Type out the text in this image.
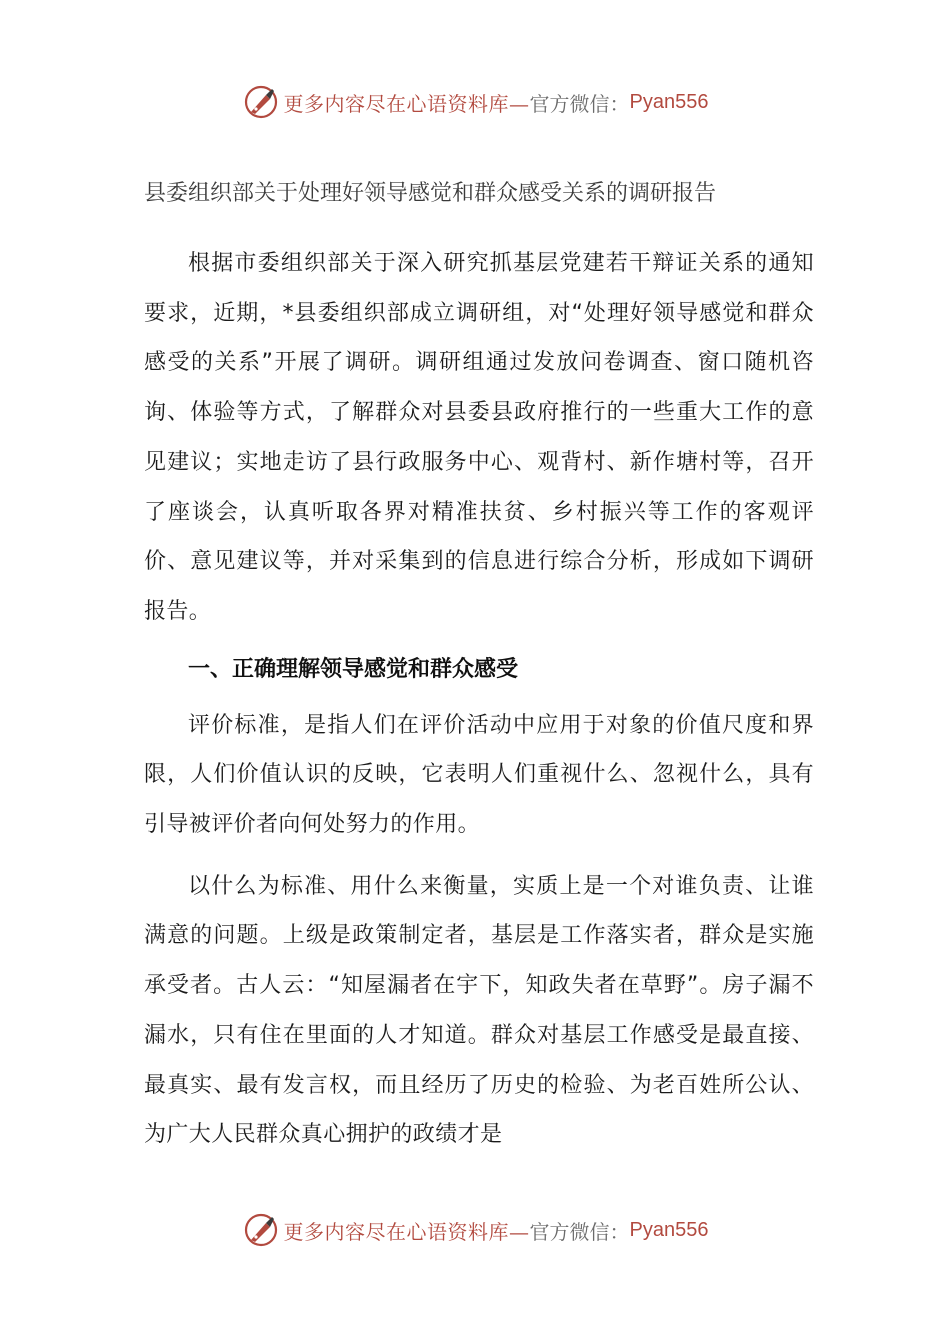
更多内容尽在心语资料库— 官方微信： Pyan556
县委组织部关于处理好领导感觉和群众感受关系的调研报告

根据市委组织部关于深入研究抓基层党建若干辩证关系的通知要求，近期，*县委组织部成立调研组，对“处理好领导感觉和群众感受的关系”开展了调研。调研组通过发放问卷调查、窗口随机咨询、体验等方式，了解群众对县委县政府推行的一些重大工作的意见建议；实地走访了县行政服务中心、观背村、新作塘村等，召开了座谈会，认真听取各界对精准扶贫、乡村振兴等工作的客观评价、意见建议等，并对采集到的信息进行综合分析，形成如下调研报告。

一、正确理解领导感觉和群众感受

评价标准，是指人们在评价活动中应用于对象的价值尺度和界限，人们价值认识的反映，它表明人们重视什么、忽视什么，具有引导被评价者向何处努力的作用。

以什么为标准、用什么来衡量，实质上是一个对谁负责、让谁满意的问题。上级是政策制定者，基层是工作落实者，群众是实施承受者。古人云：“知屋漏者在宇下，知政失者在草野”。房子漏不漏水，只有住在里面的人才知道。群众对基层工作感受是最直接、最真实、最有发言权，而且经历了历史的检验、为老百姓所公认、为广大人民群众真心拥护的政绩才是

更多内容尽在心语资料库— 官方微信： Pyan556
